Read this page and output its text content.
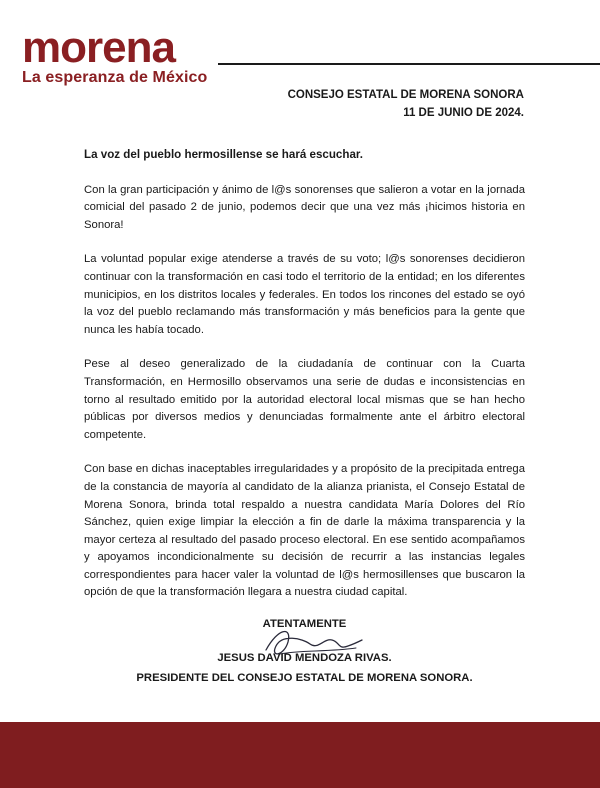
morena
La esperanza de México
CONSEJO ESTATAL DE MORENA SONORA
11 DE JUNIO DE 2024.

La voz del pueblo hermosillense se hará escuchar.

Con la gran participación y ánimo de l@s sonorenses que salieron a votar en la jornada comicial del pasado 2 de junio, podemos decir que una vez más ¡hicimos historia en Sonora!

La voluntad popular exige atenderse a través de su voto; l@s sonorenses decidieron continuar con la transformación en casi todo el territorio de la entidad; en los diferentes municipios, en los distritos locales y federales. En todos los rincones del estado se oyó la voz del pueblo reclamando más transformación y más beneficios para la gente que nunca les había tocado.

Pese al deseo generalizado de la ciudadanía de continuar con la Cuarta Transformación, en Hermosillo observamos una serie de dudas e inconsistencias en torno al resultado emitido por la autoridad electoral local mismas que se han hecho públicas por diversos medios y denunciadas formalmente ante el árbitro electoral competente.

Con base en dichas inaceptables irregularidades y a propósito de la precipitada entrega de la constancia de mayoría al candidato de la alianza prianista, el Consejo Estatal de Morena Sonora, brinda total respaldo a nuestra candidata María Dolores del Río Sánchez, quien exige limpiar la elección a fin de darle la máxima transparencia y la mayor certeza al resultado del pasado proceso electoral. En ese sentido acompañamos y apoyamos incondicionalmente su decisión de recurrir a las instancias legales correspondientes para hacer valer la voluntad de l@s hermosillenses que buscaron la opción de que la transformación llegara a nuestra ciudad capital.

ATENTAMENTE
JESUS DAVID MENDOZA RIVAS.
PRESIDENTE DEL CONSEJO ESTATAL DE MORENA SONORA.
